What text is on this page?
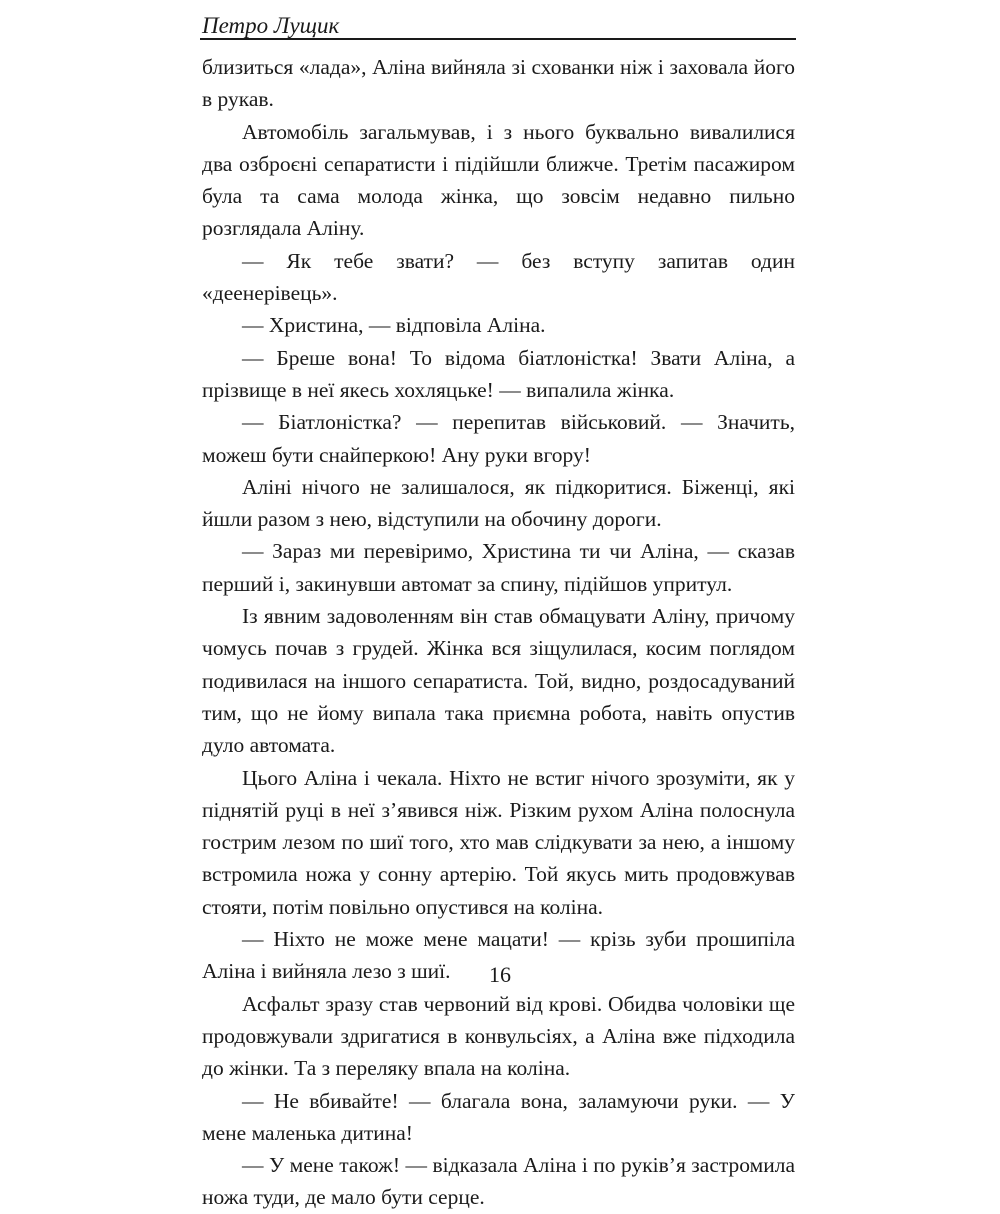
Петро Лущик

близиться «лада», Аліна вийняла зі схованки ніж і заховала його в рукав.

Автомобіль загальмував, і з нього буквально вивалилися два озброєні сепаратисти і підійшли ближче. Третім пасажиром була та сама молода жінка, що зовсім недавно пильно розглядала Аліну.

— Як тебе звати? — без вступу запитав один «деенерівець».

— Христина, — відповіла Аліна.

— Бреше вона! То відома біатлоністка! Звати Аліна, а прізвище в неї якесь хохляцьке! — випалила жінка.

— Біатлоністка? — перепитав військовий. — Значить, можеш бути снайперкою! Ану руки вгору!

Аліні нічого не залишалося, як підкоритися. Біженці, які йшли разом з нею, відступили на обочину дороги.

— Зараз ми перевіримо, Христина ти чи Аліна, — сказав перший і, закинувши автомат за спину, підійшов упритул.

Із явним задоволенням він став обмацувати Аліну, причому чомусь почав з грудей. Жінка вся зіщулилася, косим поглядом подивилася на іншого сепаратиста. Той, видно, роздосадуваний тим, що не йому випала така приємна робота, навіть опустив дуло автомата.

Цього Аліна і чекала. Ніхто не встиг нічого зрозуміти, як у піднятій руці в неї з’явився ніж. Різким рухом Аліна полоснула гострим лезом по шиї того, хто мав слідкувати за нею, а іншому встромила ножа у сонну артерію. Той якусь мить продовжував стояти, потім повільно опустився на коліна.

— Ніхто не може мене мацати! — крізь зуби прошипіла Аліна і вийняла лезо з шиї.

Асфальт зразу став червоний від крові. Обидва чоловіки ще продовжували здригатися в конвульсіях, а Аліна вже підходила до жінки. Та з переляку впала на коліна.

— Не вбивайте! — благала вона, заламуючи руки. — У мене маленька дитина!

— У мене також! — відказала Аліна і по руків’я застромила ножа туди, де мало бути серце.

16
